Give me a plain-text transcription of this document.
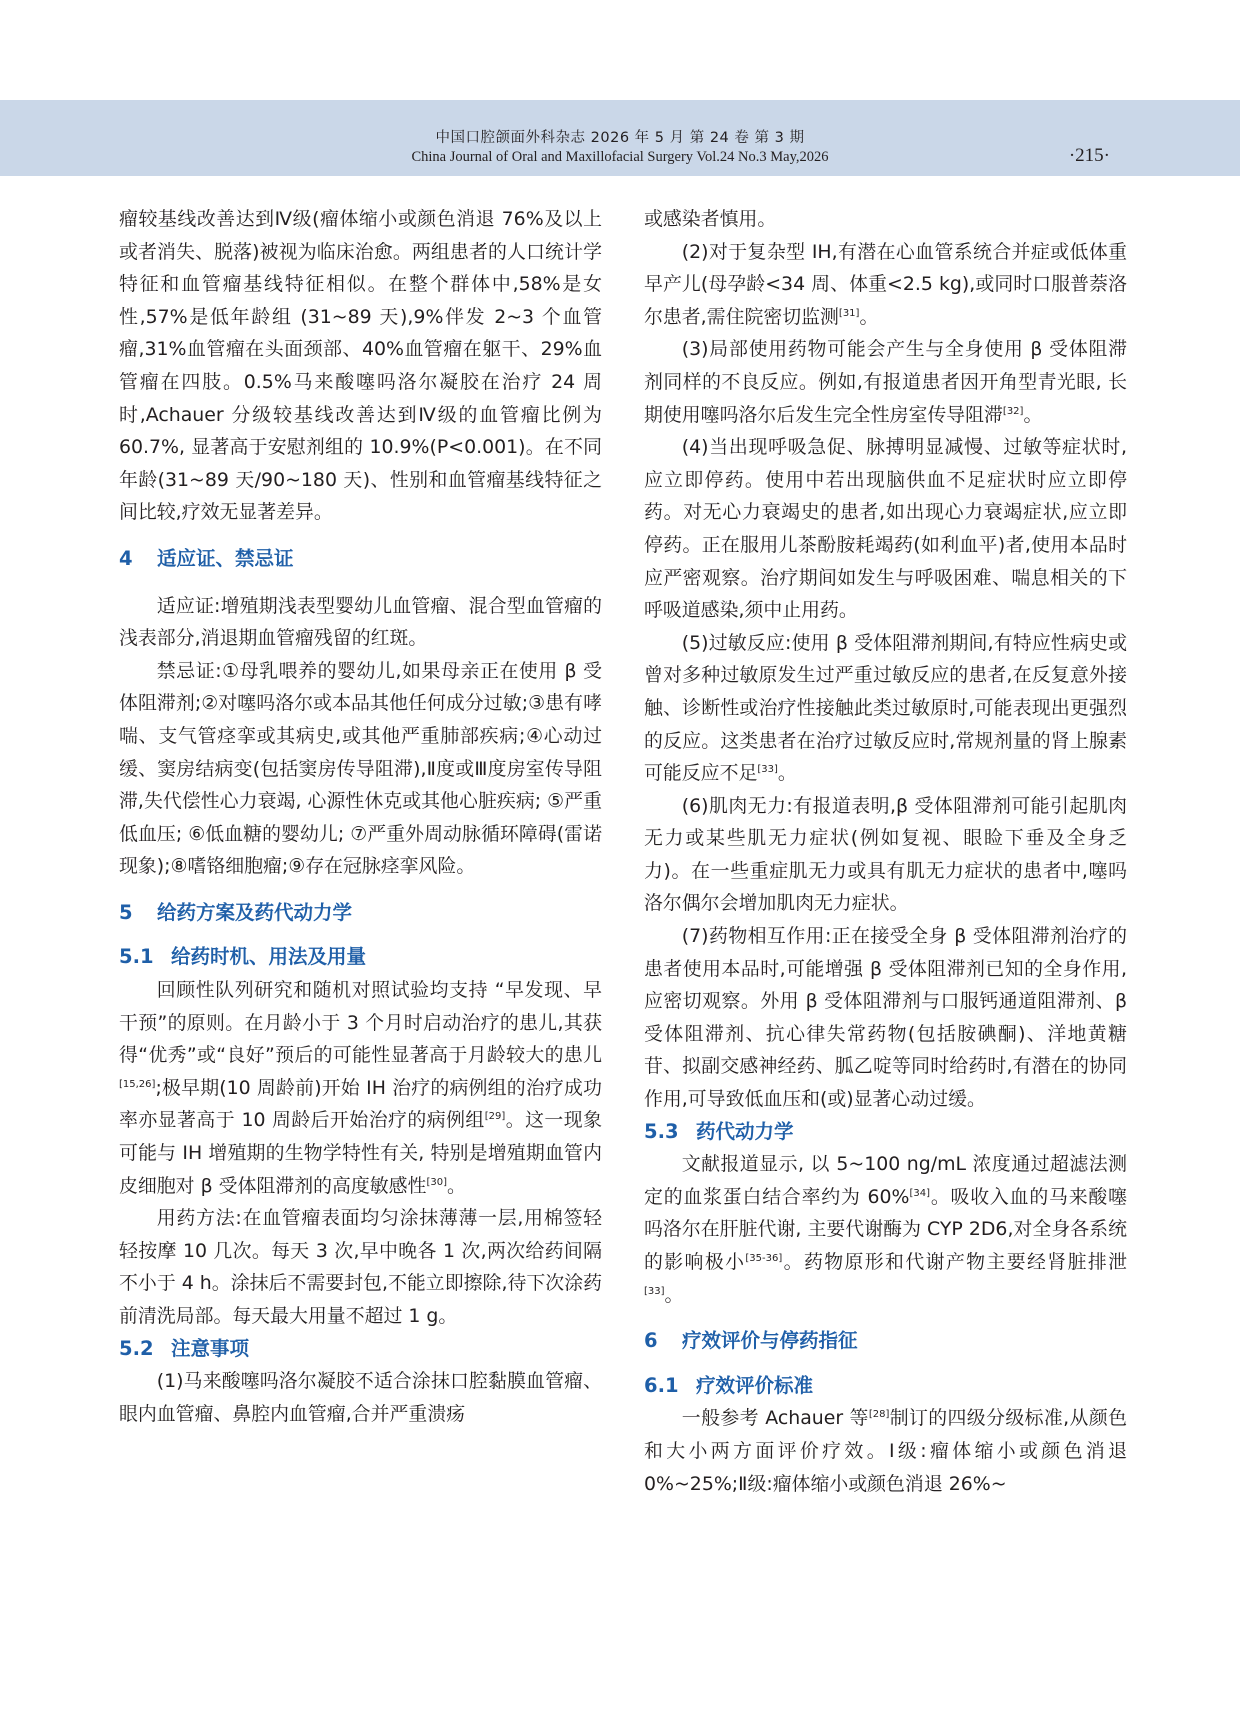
中国口腔颌面外科杂志 2026 年 5 月 第 24 卷 第 3 期
China Journal of Oral and Maxillofacial Surgery Vol.24 No.3 May,2026	·215·

瘤较基线改善达到Ⅳ级(瘤体缩小或颜色消退 76%及以上或者消失、脱落)被视为临床治愈。两组患者的人口统计学特征和血管瘤基线特征相似。在整个群体中,58%是女性,57%是低年龄组 (31~89 天),9%伴发 2~3 个血管瘤,31%血管瘤在头面颈部、40%血管瘤在躯干、29%血管瘤在四肢。0.5%马来酸噻吗洛尔凝胶在治疗 24 周时,Achauer 分级较基线改善达到Ⅳ级的血管瘤比例为 60.7%, 显著高于安慰剂组的 10.9%(P<0.001)。在不同年龄(31~89 天/90~180 天)、性别和血管瘤基线特征之间比较,疗效无显著差异。

4 适应证、禁忌证

适应证:增殖期浅表型婴幼儿血管瘤、混合型血管瘤的浅表部分,消退期血管瘤残留的红斑。

禁忌证:①母乳喂养的婴幼儿,如果母亲正在使用 β 受体阻滞剂;②对噻吗洛尔或本品其他任何成分过敏;③患有哮喘、支气管痉挛或其病史,或其他严重肺部疾病;④心动过缓、窦房结病变(包括窦房传导阻滞),Ⅱ度或Ⅲ度房室传导阻滞,失代偿性心力衰竭, 心源性休克或其他心脏疾病; ⑤严重低血压; ⑥低血糖的婴幼儿; ⑦严重外周动脉循环障碍(雷诺现象);⑧嗜铬细胞瘤;⑨存在冠脉痉挛风险。

5 给药方案及药代动力学
5.1 给药时机、用法及用量

回顾性队列研究和随机对照试验均支持 “早发现、早干预”的原则。在月龄小于 3 个月时启动治疗的患儿,其获得“优秀”或“良好”预后的可能性显著高于月龄较大的患儿[15,26];极早期(10 周龄前)开始 IH 治疗的病例组的治疗成功率亦显著高于 10 周龄后开始治疗的病例组[29]。这一现象可能与 IH 增殖期的生物学特性有关, 特别是增殖期血管内皮细胞对 β 受体阻滞剂的高度敏感性[30]。

用药方法:在血管瘤表面均匀涂抹薄薄一层,用棉签轻轻按摩 10 几次。每天 3 次,早中晚各 1 次,两次给药间隔不小于 4 h。涂抹后不需要封包,不能立即擦除,待下次涂药前清洗局部。每天最大用量不超过 1 g。

5.2 注意事项

(1)马来酸噻吗洛尔凝胶不适合涂抹口腔黏膜血管瘤、眼内血管瘤、鼻腔内血管瘤,合并严重溃疡

或感染者慎用。

(2)对于复杂型 IH,有潜在心血管系统合并症或低体重早产儿(母孕龄<34 周、体重<2.5 kg),或同时口服普萘洛尔患者,需住院密切监测[31]。

(3)局部使用药物可能会产生与全身使用 β 受体阻滞剂同样的不良反应。例如,有报道患者因开角型青光眼, 长期使用噻吗洛尔后发生完全性房室传导阻滞[32]。

(4)当出现呼吸急促、脉搏明显减慢、过敏等症状时,应立即停药。使用中若出现脑供血不足症状时应立即停药。对无心力衰竭史的患者,如出现心力衰竭症状,应立即停药。正在服用儿茶酚胺耗竭药(如利血平)者,使用本品时应严密观察。治疗期间如发生与呼吸困难、喘息相关的下呼吸道感染,须中止用药。

(5)过敏反应:使用 β 受体阻滞剂期间,有特应性病史或曾对多种过敏原发生过严重过敏反应的患者,在反复意外接触、诊断性或治疗性接触此类过敏原时,可能表现出更强烈的反应。这类患者在治疗过敏反应时,常规剂量的肾上腺素可能反应不足[33]。

(6)肌肉无力:有报道表明,β 受体阻滞剂可能引起肌肉无力或某些肌无力症状(例如复视、眼睑下垂及全身乏力)。在一些重症肌无力或具有肌无力症状的患者中,噻吗洛尔偶尔会增加肌肉无力症状。

(7)药物相互作用:正在接受全身 β 受体阻滞剂治疗的患者使用本品时,可能增强 β 受体阻滞剂已知的全身作用,应密切观察。外用 β 受体阻滞剂与口服钙通道阻滞剂、β 受体阻滞剂、抗心律失常药物(包括胺碘酮)、洋地黄糖苷、拟副交感神经药、胍乙啶等同时给药时,有潜在的协同作用,可导致低血压和(或)显著心动过缓。

5.3 药代动力学

文献报道显示, 以 5~100 ng/mL 浓度通过超滤法测定的血浆蛋白结合率约为 60%[34]。吸收入血的马来酸噻吗洛尔在肝脏代谢, 主要代谢酶为 CYP 2D6,对全身各系统的影响极小[35-36]。药物原形和代谢产物主要经肾脏排泄[33]。

6 疗效评价与停药指征
6.1 疗效评价标准

一般参考 Achauer 等[28]制订的四级分级标准,从颜色和大小两方面评价疗效。Ⅰ级:瘤体缩小或颜色消退 0%~25%;Ⅱ级:瘤体缩小或颜色消退 26%~
